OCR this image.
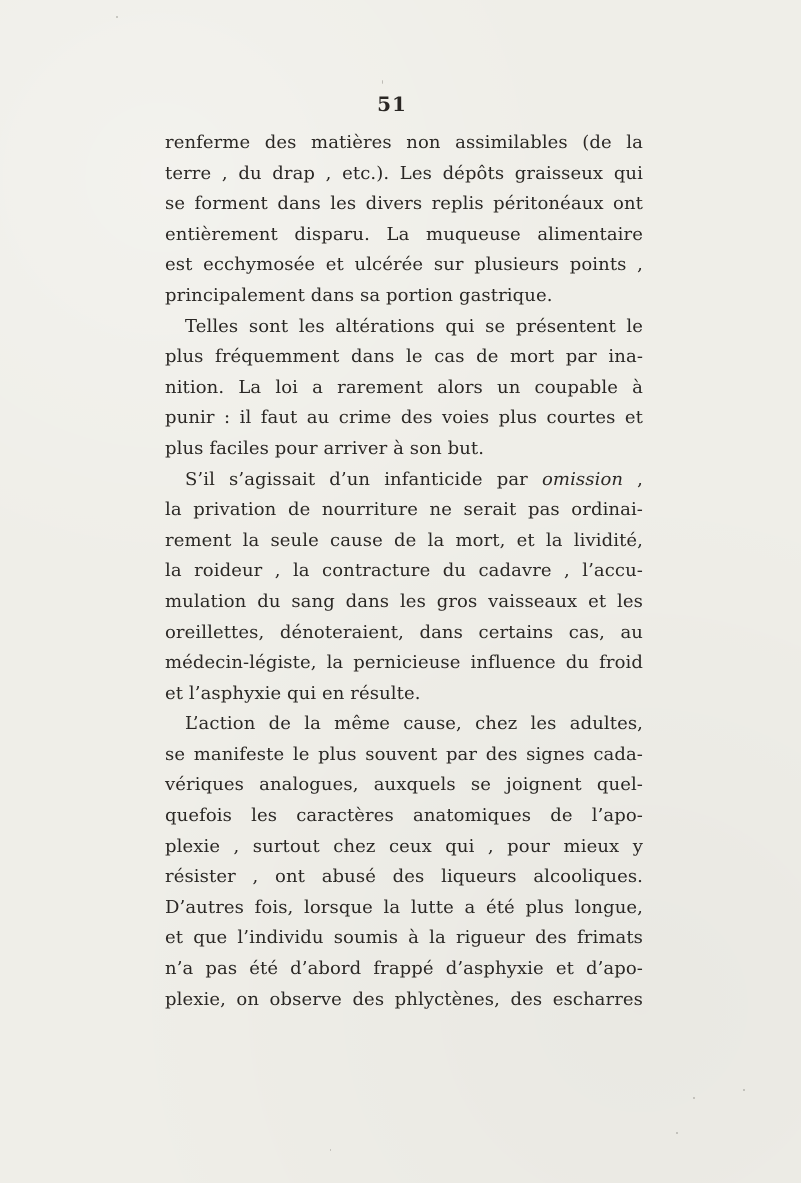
51
renferme des matières non assimilables (de la
terre , du drap , etc.). Les dépôts graisseux qui
se forment dans les divers replis péritonéaux ont
entièrement disparu. La muqueuse alimentaire
est ecchymosée et ulcérée sur plusieurs points ,
principalement dans sa portion gastrique.
Telles sont les altérations qui se présentent le
plus fréquemment dans le cas de mort par ina-
nition. La loi a rarement alors un coupable à
punir : il faut au crime des voies plus courtes et
plus faciles pour arriver à son but.
S’il s’agissait d’un infanticide par omission ,
la privation de nourriture ne serait pas ordinai-
rement la seule cause de la mort, et la lividité,
la roideur , la contracture du cadavre , l’accu-
mulation du sang dans les gros vaisseaux et les
oreillettes, dénoteraient, dans certains cas, au
médecin-légiste, la pernicieuse influence du froid
et l’asphyxie qui en résulte.
L’action de la même cause, chez les adultes,
se manifeste le plus souvent par des signes cada-
vériques analogues, auxquels se joignent quel-
quefois les caractères anatomiques de l’apo-
plexie , surtout chez ceux qui , pour mieux y
résister , ont abusé des liqueurs alcooliques.
D’autres fois, lorsque la lutte a été plus longue,
et que l’individu soumis à la rigueur des frimats
n’a pas été d’abord frappé d’asphyxie et d’apo-
plexie, on observe des phlyctènes, des escharres
